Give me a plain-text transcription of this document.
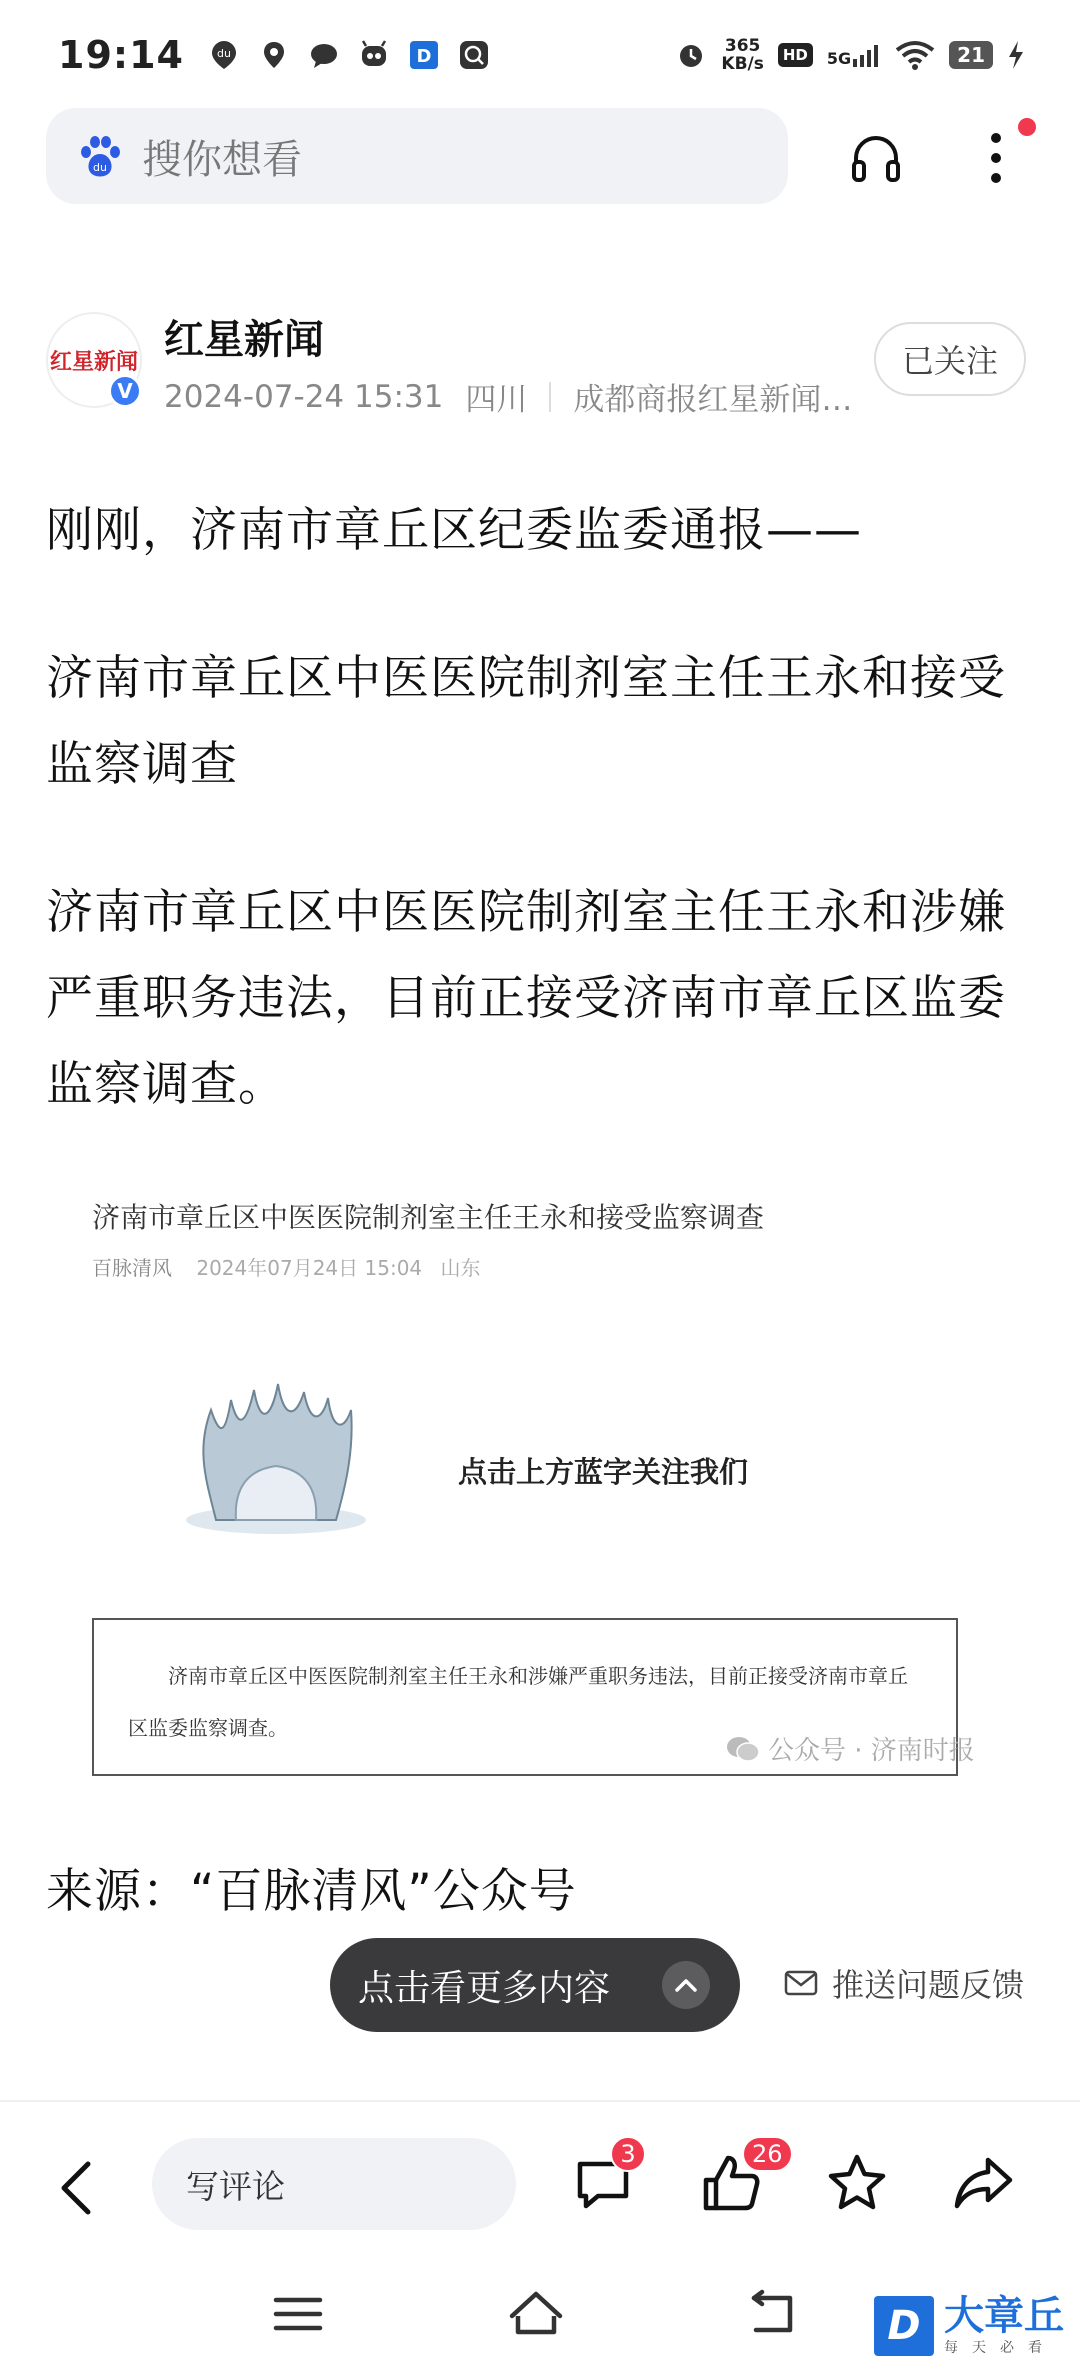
19:14	du	D	365
KB/s	HD	5G	21
du 搜你想看
红星新闻
V
红星新闻
2024-07-24 15:31 四川 成都商报红星新闻…
已关注

刚刚，济南市章丘区纪委监委通报——

济南市章丘区中医医院制剂室主任王永和接受监察调查

济南市章丘区中医医院制剂室主任王永和涉嫌严重职务违法，目前正接受济南市章丘区监委监察调查。

济南市章丘区中医医院制剂室主任王永和接受监察调查
百脉清风 2024年07月24日 15:04 山东
点击上方蓝字关注我们

济南市章丘区中医医院制剂室主任王永和涉嫌严重职务违法，目前正接受济南市章丘区监委监察调查。

公众号 · 济南时报
来源：“百脉清风”公众号
点击看更多内容	推送问题反馈
写评论
3	26
D 大章丘
每天必看
